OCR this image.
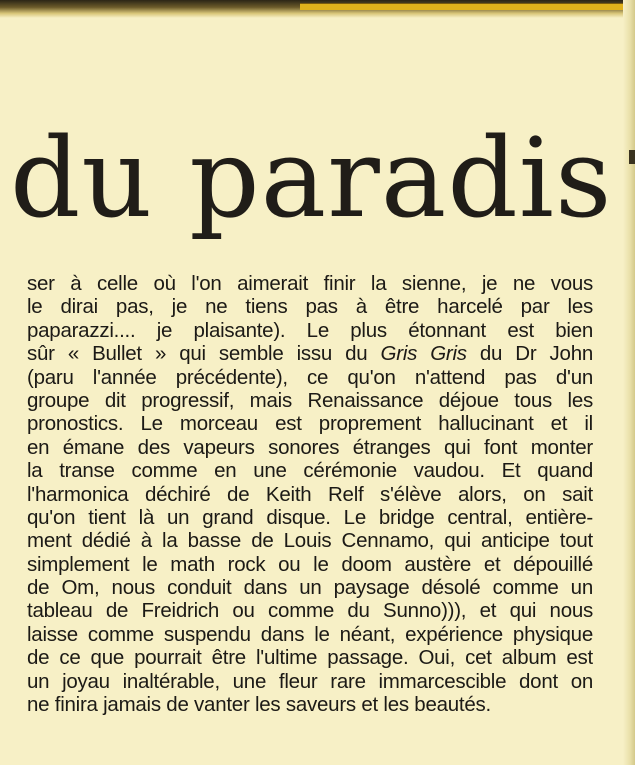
du paradis
ser à celle où l'on aimerait finir la sienne, je ne vous
le dirai pas, je ne tiens pas à être harcelé par les
paparazzi.... je plaisante). Le plus étonnant est bien
sûr « Bullet » qui semble issu du Gris Gris du Dr John
(paru l'année précédente), ce qu'on n'attend pas d'un
groupe dit progressif, mais Renaissance déjoue tous les
pronostics. Le morceau est proprement hallucinant et il
en émane des vapeurs sonores étranges qui font monter
la transe comme en une cérémonie vaudou. Et quand
l'harmonica déchiré de Keith Relf s'élève alors, on sait
qu'on tient là un grand disque. Le bridge central, entière-
ment dédié à la basse de Louis Cennamo, qui anticipe tout
simplement le math rock ou le doom austère et dépouillé
de Om, nous conduit dans un paysage désolé comme un
tableau de Freidrich ou comme du Sunno))), et qui nous
laisse comme suspendu dans le néant, expérience physique
de ce que pourrait être l'ultime passage. Oui, cet album est
un joyau inaltérable, une fleur rare immarcescible dont on
ne finira jamais de vanter les saveurs et les beautés.
